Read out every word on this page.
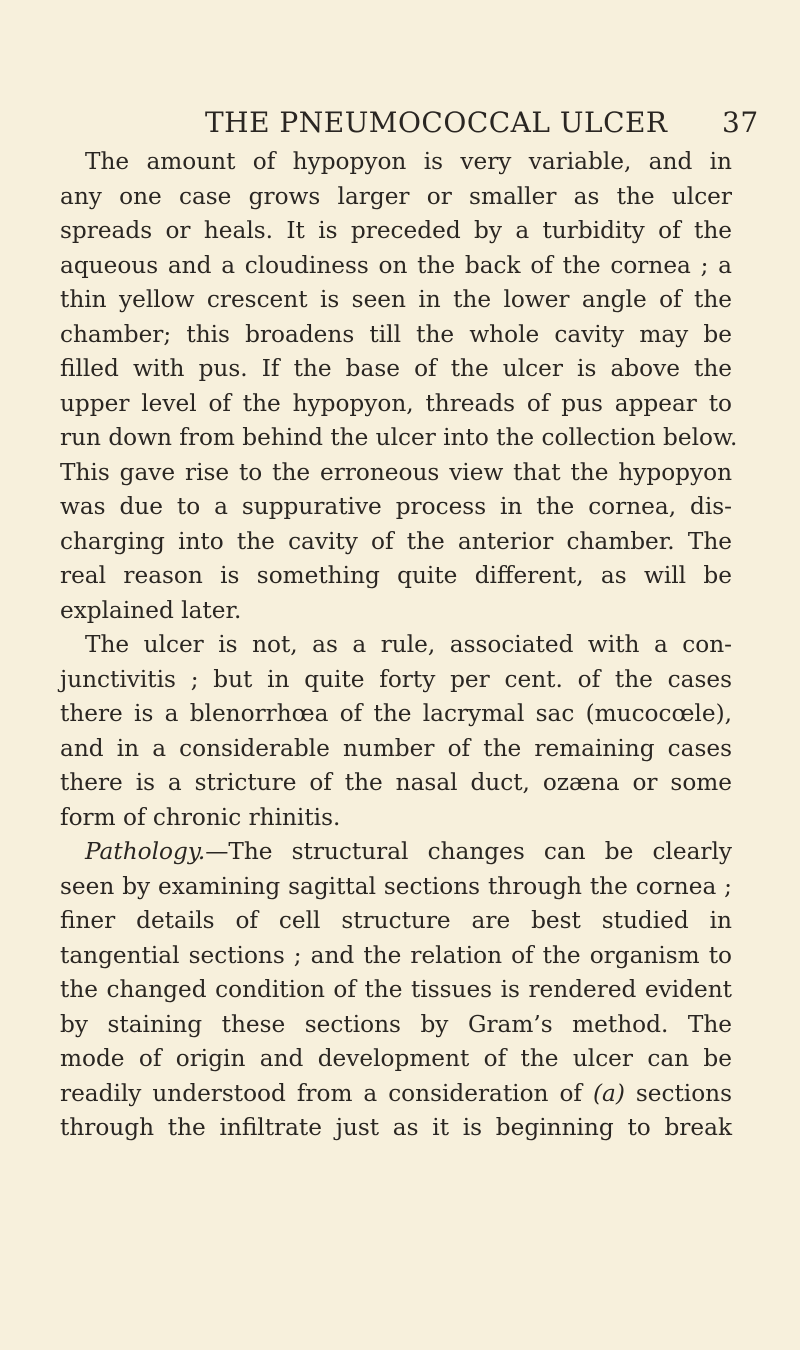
THE PNEUMOCOCCAL ULCER 37
The amount of hypopyon is very variable, and in
any one case grows larger or smaller as the ulcer
spreads or heals. It is preceded by a turbidity of the
aqueous and a cloudiness on the back of the cornea ; a
thin yellow crescent is seen in the lower angle of the
chamber; this broadens till the whole cavity may be
filled with pus. If the base of the ulcer is above the
upper level of the hypopyon, threads of pus appear to
run down from behind the ulcer into the collection below.
This gave rise to the erroneous view that the hypopyon
was due to a suppurative process in the cornea, dis-
charging into the cavity of the anterior chamber. The
real reason is something quite different, as will be
explained later.
The ulcer is not, as a rule, associated with a con-
junctivitis ; but in quite forty per cent. of the cases
there is a blenorrhœa of the lacrymal sac (mucocœle),
and in a considerable number of the remaining cases
there is a stricture of the nasal duct, ozæna or some
form of chronic rhinitis.
Pathology.—The structural changes can be clearly
seen by examining sagittal sections through the cornea ;
finer details of cell structure are best studied in
tangential sections ; and the relation of the organism to
the changed condition of the tissues is rendered evident
by staining these sections by Gram’s method. The
mode of origin and development of the ulcer can be
readily understood from a consideration of (a) sections
through the infiltrate just as it is beginning to break
